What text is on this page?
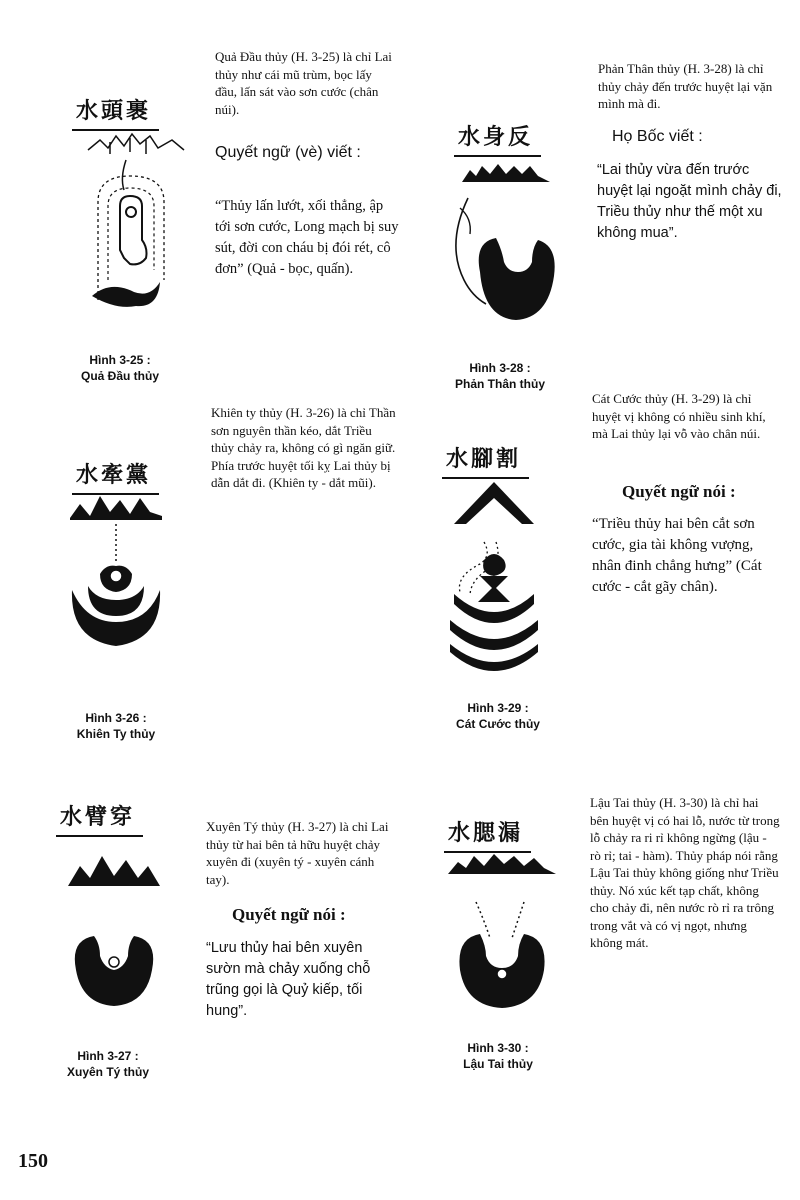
水頭裹
Hình 3-25 :
Quả Đầu thủy
Quả Đầu thủy (H. 3-25) là chỉ Lai thủy như cái mũ trùm, bọc lấy đầu, lấn sát vào sơn cước (chân núi).
Quyết ngữ (vè) viết :
“Thủy lấn lướt, xối thẳng, ập tới sơn cước, Long mạch bị suy sút, đời con cháu bị đói rét, cô đơn” (Quả - bọc, quấn).
水牽黨
Hình 3-26 :
Khiên Ty thủy
Khiên ty thủy (H. 3-26) là chỉ Thần sơn nguyên thần kéo, dắt Triều thủy chảy ra, không có gì ngăn giữ. Phía trước huyệt tối kỵ Lai thủy bị dẫn dắt đi. (Khiên ty - dắt mũi).
水臂穿
Hình 3-27 :
Xuyên Tý thủy
Xuyên Tý thủy (H. 3-27) là chỉ Lai thủy từ hai bên tả hữu huyệt chảy xuyên đi (xuyên tý - xuyên cánh tay).
Quyết ngữ nói :
“Lưu thủy hai bên xuyên sườn mà chảy xuống chỗ trũng gọi là Quỷ kiếp, tối hung”.
水身反
Hình 3-28 :
Phản Thân thủy
Phản Thân thủy (H. 3-28) là chỉ thủy chảy đến trước huyệt lại vặn mình mà đi.
Họ Bốc viết :
“Lai thủy vừa đến trước huyệt lại ngoặt mình chảy đi, Triều thủy như thế một xu không mua”.
水腳割
Hình 3-29 :
Cát Cước thủy
Cát Cước thủy (H. 3-29) là chỉ huyệt vị không có nhiều sinh khí, mà Lai thủy lại vỗ vào chân núi.
Quyết ngữ nói :
“Triều thủy hai bên cắt sơn cước, gia tài không vượng, nhân đinh chẳng hưng” (Cát cước - cắt gãy chân).
水腮漏
Hình 3-30 :
Lậu Tai thủy
Lậu Tai thủy (H. 3-30) là chỉ hai bên huyệt vị có hai lỗ, nước từ trong lỗ chảy ra ri rỉ không ngừng (lậu - rò rỉ; tai - hàm). Thủy pháp nói rằng Lậu Tai thủy không giống như Triều thủy. Nó xúc kết tạp chất, không cho chảy đi, nên nước rò rỉ ra trông trong vắt và có vị ngọt, nhưng không mát.
150
